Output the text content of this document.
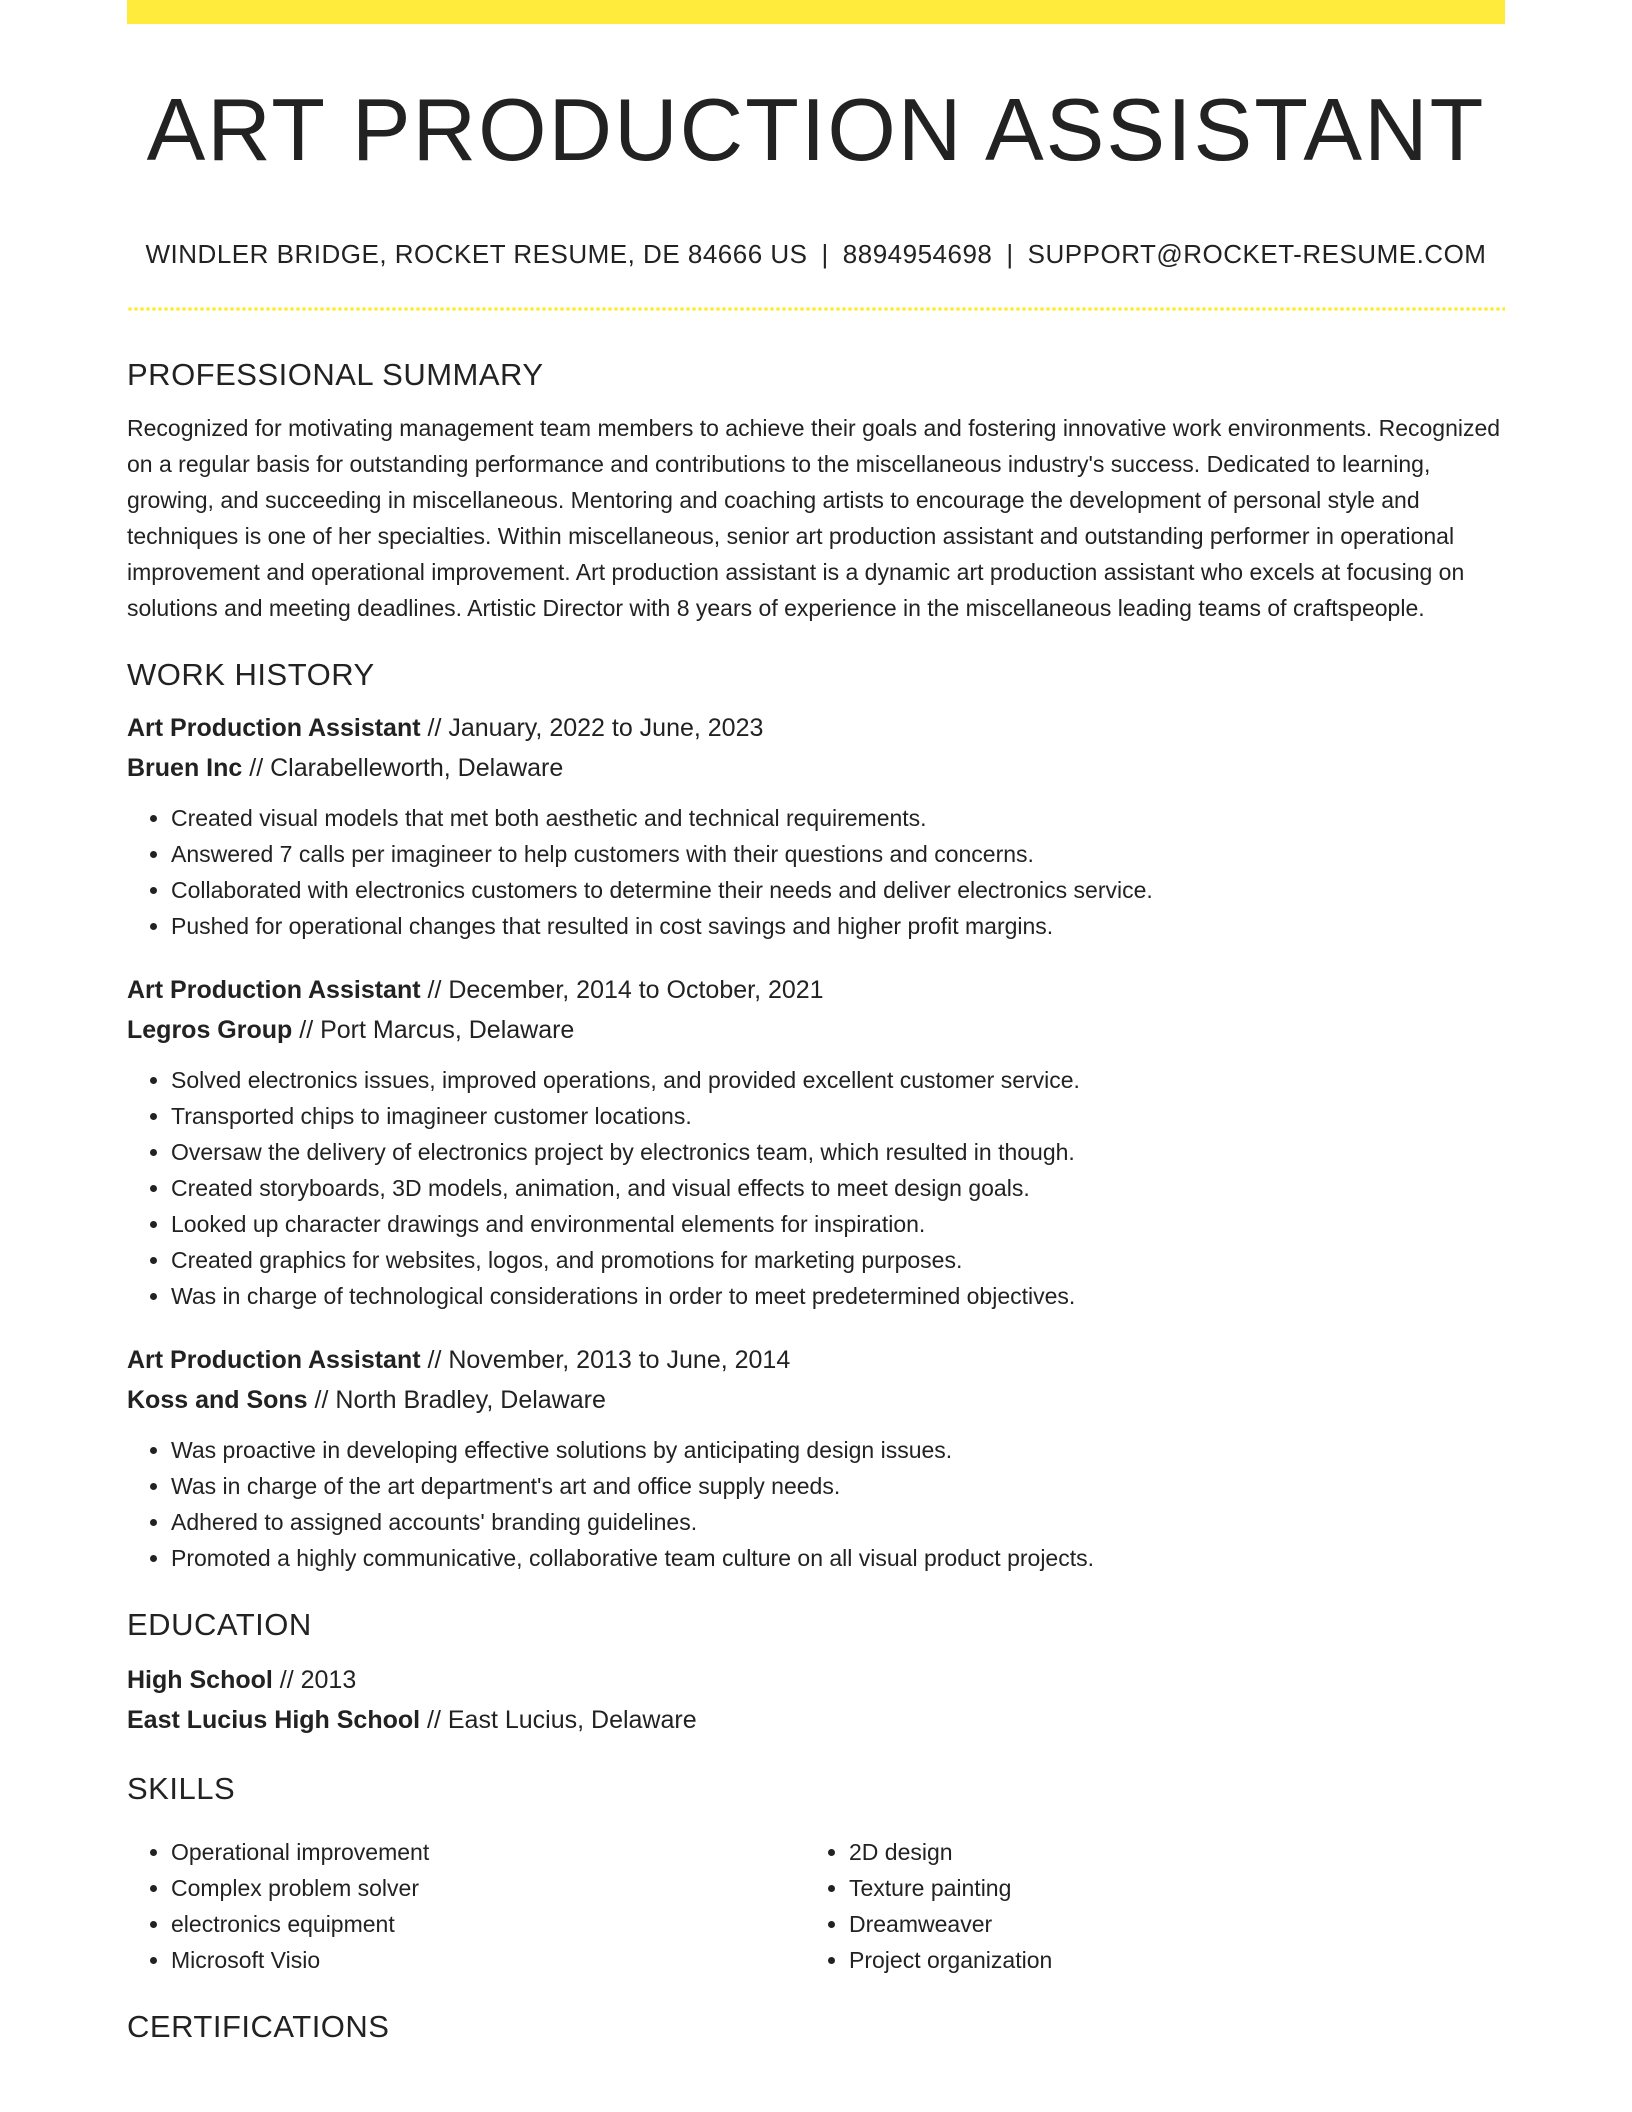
ART PRODUCTION ASSISTANT
WINDLER BRIDGE, ROCKET RESUME, DE 84666 US | 8894954698 | SUPPORT@ROCKET-RESUME.COM
PROFESSIONAL SUMMARY

Recognized for motivating management team members to achieve their goals and fostering innovative work environments. Recognized on a regular basis for outstanding performance and contributions to the miscellaneous industry's success. Dedicated to learning, growing, and succeeding in miscellaneous. Mentoring and coaching artists to encourage the development of personal style and techniques is one of her specialties. Within miscellaneous, senior art production assistant and outstanding performer in operational improvement and operational improvement. Art production assistant is a dynamic art production assistant who excels at focusing on solutions and meeting deadlines. Artistic Director with 8 years of experience in the miscellaneous leading teams of craftspeople.

WORK HISTORY
Art Production Assistant // January, 2022 to June, 2023
Bruen Inc // Clarabelleworth, Delaware
• Created visual models that met both aesthetic and technical requirements.
• Answered 7 calls per imagineer to help customers with their questions and concerns.
• Collaborated with electronics customers to determine their needs and deliver electronics service.
• Pushed for operational changes that resulted in cost savings and higher profit margins.
Art Production Assistant // December, 2014 to October, 2021
Legros Group // Port Marcus, Delaware
• Solved electronics issues, improved operations, and provided excellent customer service.
• Transported chips to imagineer customer locations.
• Oversaw the delivery of electronics project by electronics team, which resulted in though.
• Created storyboards, 3D models, animation, and visual effects to meet design goals.
• Looked up character drawings and environmental elements for inspiration.
• Created graphics for websites, logos, and promotions for marketing purposes.
• Was in charge of technological considerations in order to meet predetermined objectives.
Art Production Assistant // November, 2013 to June, 2014
Koss and Sons // North Bradley, Delaware
• Was proactive in developing effective solutions by anticipating design issues.
• Was in charge of the art department's art and office supply needs.
• Adhered to assigned accounts' branding guidelines.
• Promoted a highly communicative, collaborative team culture on all visual product projects.
EDUCATION
High School // 2013
East Lucius High School // East Lucius, Delaware
SKILLS
• Operational improvement
• Complex problem solver
• electronics equipment
• Microsoft Visio
• 2D design
• Texture painting
• Dreamweaver
• Project organization
CERTIFICATIONS
